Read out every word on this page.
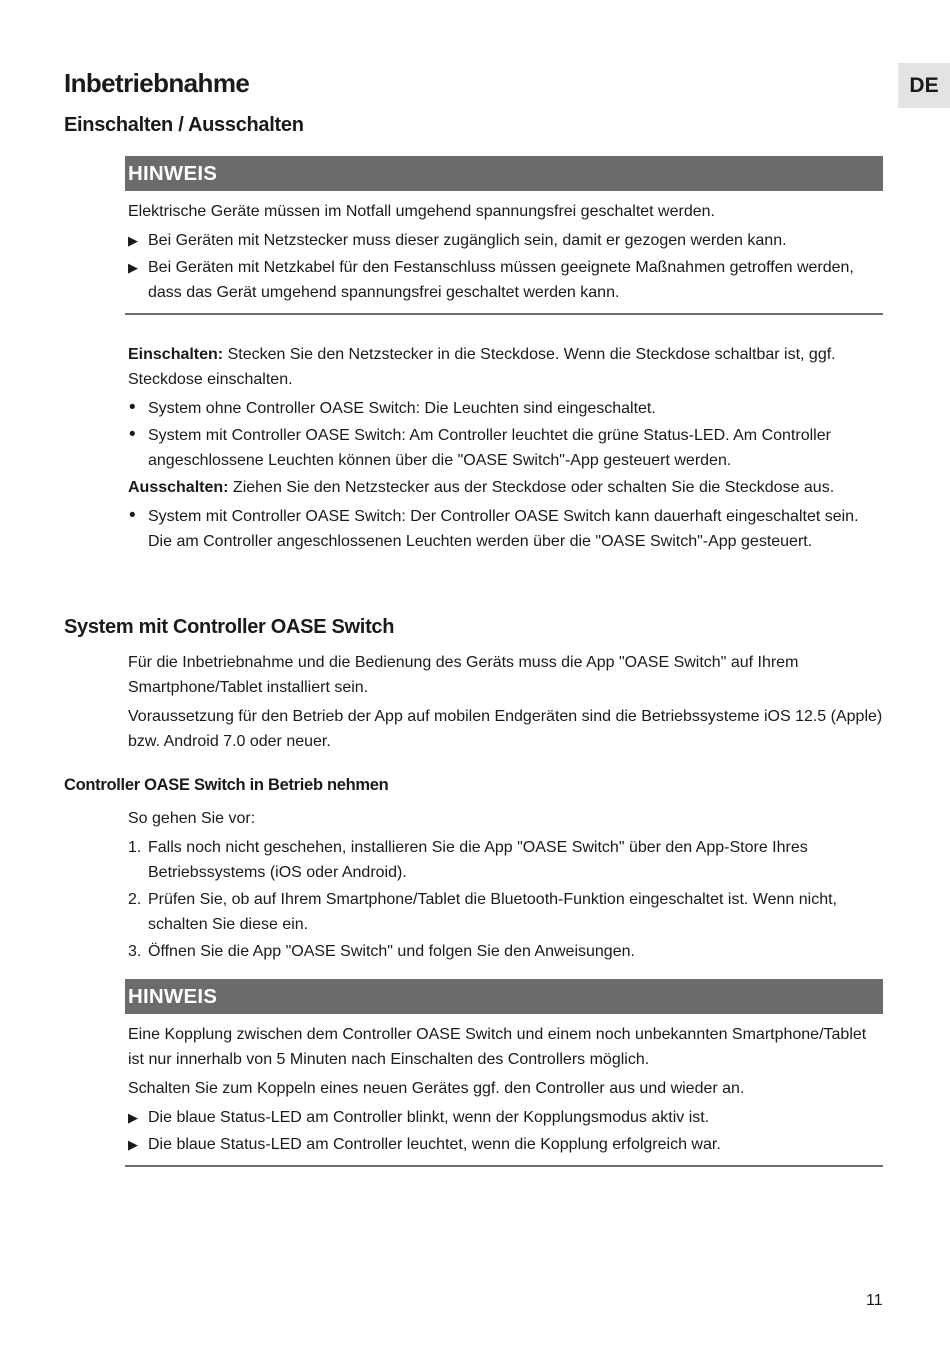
DE
Inbetriebnahme
Einschalten / Ausschalten
HINWEIS
Elektrische Geräte müssen im Notfall umgehend spannungsfrei geschaltet werden.
▶ Bei Geräten mit Netzstecker muss dieser zugänglich sein, damit er gezogen werden kann.
▶ Bei Geräten mit Netzkabel für den Festanschluss müssen geeignete Maßnahmen getroffen werden, dass das Gerät umgehend spannungsfrei geschaltet werden kann.
Einschalten: Stecken Sie den Netzstecker in die Steckdose. Wenn die Steckdose schaltbar ist, ggf. Steckdose einschalten.
• System ohne Controller OASE Switch: Die Leuchten sind eingeschaltet.
• System mit Controller OASE Switch: Am Controller leuchtet die grüne Status-LED. Am Controller angeschlossene Leuchten können über die "OASE Switch"-App gesteuert werden.
Ausschalten: Ziehen Sie den Netzstecker aus der Steckdose oder schalten Sie die Steckdose aus.
• System mit Controller OASE Switch: Der Controller OASE Switch kann dauerhaft eingeschaltet sein. Die am Controller angeschlossenen Leuchten werden über die "OASE Switch"-App gesteuert.
System mit Controller OASE Switch
Für die Inbetriebnahme und die Bedienung des Geräts muss die App "OASE Switch" auf Ihrem Smartphone/Tablet installiert sein.
Voraussetzung für den Betrieb der App auf mobilen Endgeräten sind die Betriebssysteme iOS 12.5 (Apple) bzw. Android 7.0 oder neuer.
Controller OASE Switch in Betrieb nehmen
So gehen Sie vor:
1. Falls noch nicht geschehen, installieren Sie die App "OASE Switch" über den App-Store Ihres Betriebssystems (iOS oder Android).
2. Prüfen Sie, ob auf Ihrem Smartphone/Tablet die Bluetooth-Funktion eingeschaltet ist. Wenn nicht, schalten Sie diese ein.
3. Öffnen Sie die App "OASE Switch" und folgen Sie den Anweisungen.
HINWEIS
Eine Kopplung zwischen dem Controller OASE Switch und einem noch unbekannten Smartphone/Tablet ist nur innerhalb von 5 Minuten nach Einschalten des Controllers möglich.
Schalten Sie zum Koppeln eines neuen Gerätes ggf. den Controller aus und wieder an.
▶ Die blaue Status-LED am Controller blinkt, wenn der Kopplungsmodus aktiv ist.
▶ Die blaue Status-LED am Controller leuchtet, wenn die Kopplung erfolgreich war.
11
